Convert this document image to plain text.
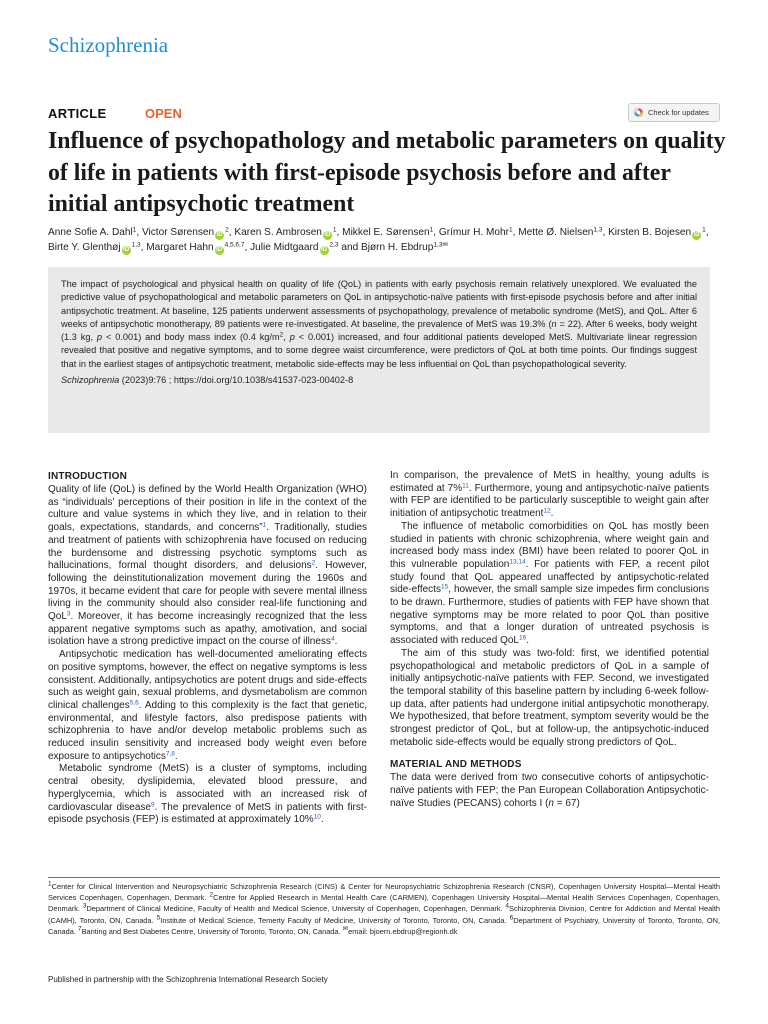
Schizophrenia
ARTICLE	OPEN	Check for updates
Influence of psychopathology and metabolic parameters on quality of life in patients with first-episode psychosis before and after initial antipsychotic treatment
Anne Sofie A. Dahl$^1$, Victor Sørensen $iD^2$, Karen S. Ambrosen $iD^1$, Mikkel E. Sørensen$^1$, Grímur H. Mohr$^1$, Mette Ø. Nielsen$^{1,3}$, Kirsten B. Bojesen $iD^1$, Birte Y. Glenthøj iD$^{1,3}$, Margaret Hahn iD$^{4,5,6,7}$, Julie Midtgaard iD$^{2,3}$ and Bjørn H. Ebdrup$^{1,3✉}$

The impact of psychological and physical health on quality of life (QoL) in patients with early psychosis remain relatively unexplored. We evaluated the predictive value of psychopathological and metabolic parameters on QoL in antipsychotic-naïve patients with first-episode psychosis before and after initial antipsychotic treatment. At baseline, 125 patients underwent assessments of psychopathology, prevalence of metabolic syndrome (MetS), and QoL. After 6 weeks of antipsychotic monotherapy, 89 patients were re-investigated. At baseline, the prevalence of MetS was 19.3% (n = 22). After 6 weeks, body weight (1.3 kg, p < 0.001) and body mass index (0.4 $kg/m^2$, p < 0.001) increased, and four additional patients developed MetS. Multivariate linear regression revealed that positive and negative symptoms, and to some degree waist circumference, were predictors of QoL at both time points. Our findings suggest that in the earliest stages of antipsychotic treatment, metabolic side-effects may be less influential on QoL than psychopathological severity.

Schizophrenia (2023)9:76 ; https://doi.org/10.1038/s41537-023-00402-8

INTRODUCTION

Quality of life (QoL) is defined by the World Health Organization (WHO) as “individuals’ perceptions of their position in life in the context of the culture and value systems in which they live, and in relation to their goals, expectations, standards, and concerns”$^1$. Traditionally, studies and treatment of patients with schizophrenia have focused on reducing the burdensome and distressing psychotic symptoms such as hallucinations, formal thought disorders, and delusions$^2$. However, following the deinstitutionalization movement during the 1960s and 1970s, it became evident that care for people with severe mental illness living in the community should also consider real-life functioning and QoL$^3$. Moreover, it has become increasingly recognized that the less apparent negative symptoms such as apathy, amotivation, and social isolation have a strong predictive impact on the course of illness$^4$.

Antipsychotic medication has well-documented ameliorating effects on positive symptoms, however, the effect on negative symptoms is less consistent. Additionally, antipsychotics are potent drugs and side-effects such as weight gain, sexual problems, and dysmetabolism are common clinical challenges$^{5,6}$. Adding to this complexity is the fact that genetic, environmental, and lifestyle factors, also predispose patients with schizophrenia to have and/or develop metabolic problems such as reduced insulin sensitivity and increased body weight even before exposure to antipsychotics$^{7,8}$.

Metabolic syndrome (MetS) is a cluster of symptoms, including central obesity, dyslipidemia, elevated blood pressure, and hyperglycemia, which is associated with an increased risk of cardiovascular disease$^9$. The prevalence of MetS in patients with first-episode psychosis (FEP) is estimated at approximately 10%$^{10}$.

In comparison, the prevalence of MetS in healthy, young adults is estimated at 7%$^{11}$. Furthermore, young and antipsychotic-naïve patients with FEP are identified to be particularly susceptible to weight gain after initiation of antipsychotic treatment$^{12}$.

The influence of metabolic comorbidities on QoL has mostly been studied in patients with chronic schizophrenia, where weight gain and increased body mass index (BMI) have been related to poorer QoL in this vulnerable population$^{13,14}$. For patients with FEP, a recent pilot study found that QoL appeared unaffected by antipsychotic-related side-effects$^{15}$, however, the small sample size impedes firm conclusions to be drawn. Furthermore, studies of patients with FEP have shown that negative symptoms may be more related to poor QoL than positive symptoms, and that a longer duration of untreated psychosis is associated with reduced QoL$^{16}$.

The aim of this study was two-fold: first, we identified potential psychopathological and metabolic predictors of QoL in a sample of initially antipsychotic-naïve patients with FEP. Second, we investigated the temporal stability of this baseline pattern by including 6-week follow-up data, after patients had undergone initial antipsychotic monotherapy. We hypothesized, that before treatment, symptom severity would be the strongest predictor of QoL, but at follow-up, the antipsychotic-induced metabolic side-effects would be equally strong predictors of QoL.

MATERIAL AND METHODS

The data were derived from two consecutive cohorts of antipsychotic-naïve patients with FEP; the Pan European Collaboration Antipsychotic-naïve Studies (PECANS) cohorts I (n = 67)

$^1$Center for Clinical Intervention and Neuropsychiatric Schizophrenia Research (CINS) & Center for Neuropsychiatric Schizophrenia Research (CNSR), Copenhagen University Hospital—Mental Health Services Copenhagen, Copenhagen, Denmark. $^2$Centre for Applied Research in Mental Health Care (CARMEN), Copenhagen University Hospital—Mental Health Services Copenhagen, Copenhagen, Denmark. $^3$Department of Clinical Medicine, Faculty of Health and Medical Science, University of Copenhagen, Copenhagen, Denmark. $^4$Schizophrenia Division, Centre for Addiction and Mental Health (CAMH), Toronto, ON, Canada. $^5$Institute of Medical Science, Temerty Faculty of Medicine, University of Toronto, Toronto, ON, Canada. $^6$Department of Psychiatry, University of Toronto, Toronto, ON, Canada. $^7$Banting and Best Diabetes Centre, University of Toronto, Toronto, ON, Canada. ✉email: bjoern.ebdrup@regionh.dk
Published in partnership with the Schizophrenia International Research Society
